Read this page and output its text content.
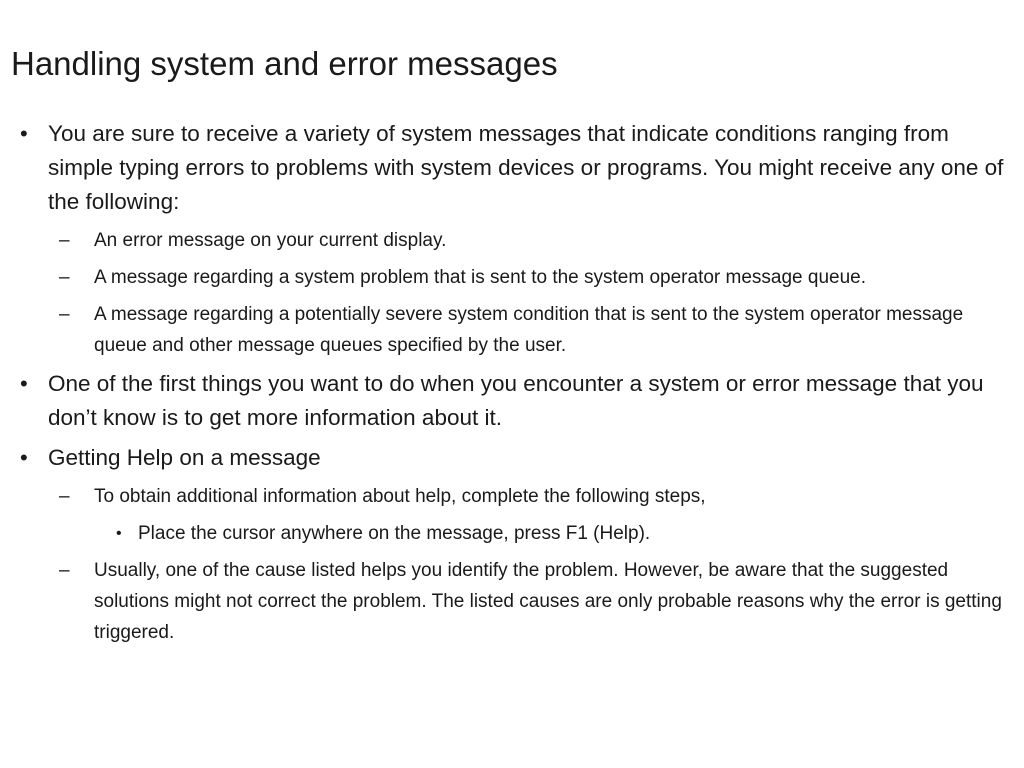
Handling system and error messages
• You are sure to receive a variety of system messages that indicate conditions ranging from simple typing errors to problems with system devices or programs. You might receive any one of the following:
– An error message on your current display.
– A message regarding a system problem that is sent to the system operator message queue.
– A message regarding a potentially severe system condition that is sent to the system operator message queue and other message queues specified by the user.
• One of the first things you want to do when you encounter a system or error message that you don’t know is to get more information about it.
• Getting Help on a message
– To obtain additional information about help, complete the following steps,
• Place the cursor anywhere on the message, press F1 (Help).
– Usually, one of the cause listed helps you identify the problem. However, be aware that the suggested solutions might not correct the problem. The listed causes are only probable reasons why the error is getting triggered.
